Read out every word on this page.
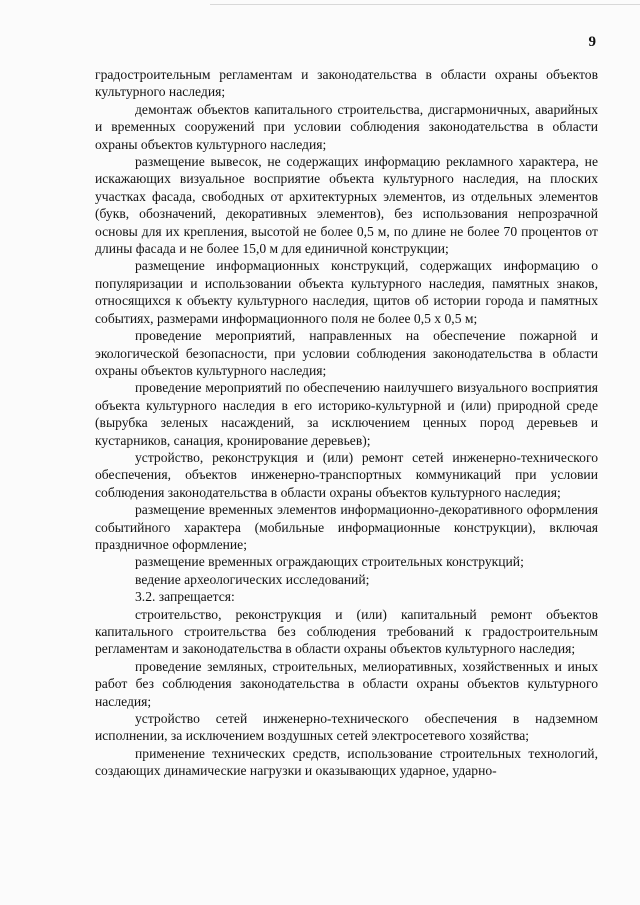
9

градостроительным регламентам и законодательства в области охраны объектов культурного наследия;

демонтаж объектов капитального строительства, дисгармоничных, аварийных и временных сооружений при условии соблюдения законодательства в области охраны объектов культурного наследия;

размещение вывесок, не содержащих информацию рекламного характера, не искажающих визуальное восприятие объекта культурного наследия, на плоских участках фасада, свободных от архитектурных элементов, из отдельных элементов (букв, обозначений, декоративных элементов), без использования непрозрачной основы для их крепления, высотой не более 0,5 м, по длине не более 70 процентов от длины фасада и не более 15,0 м для единичной конструкции;

размещение информационных конструкций, содержащих информацию о популяризации и использовании объекта культурного наследия, памятных знаков, относящихся к объекту культурного наследия, щитов об истории города и памятных событиях, размерами информационного поля не более 0,5 х 0,5 м;

проведение мероприятий, направленных на обеспечение пожарной и экологической безопасности, при условии соблюдения законодательства в области охраны объектов культурного наследия;

проведение мероприятий по обеспечению наилучшего визуального восприятия объекта культурного наследия в его историко-культурной и (или) природной среде (вырубка зеленых насаждений, за исключением ценных пород деревьев и кустарников, санация, кронирование деревьев);

устройство, реконструкция и (или) ремонт сетей инженерно-технического обеспечения, объектов инженерно-транспортных коммуникаций при условии соблюдения законодательства в области охраны объектов культурного наследия;

размещение временных элементов информационно-декоративного оформления событийного характера (мобильные информационные конструкции), включая праздничное оформление;

размещение временных ограждающих строительных конструкций;

ведение археологических исследований;

3.2. запрещается:

строительство, реконструкция и (или) капитальный ремонт объектов капитального строительства без соблюдения требований к градостроительным регламентам и законодательства в области охраны объектов культурного наследия;

проведение земляных, строительных, мелиоративных, хозяйственных и иных работ без соблюдения законодательства в области охраны объектов культурного наследия;

устройство сетей инженерно-технического обеспечения в надземном исполнении, за исключением воздушных сетей электросетевого хозяйства;

применение технических средств, использование строительных технологий, создающих динамические нагрузки и оказывающих ударное, ударно-
